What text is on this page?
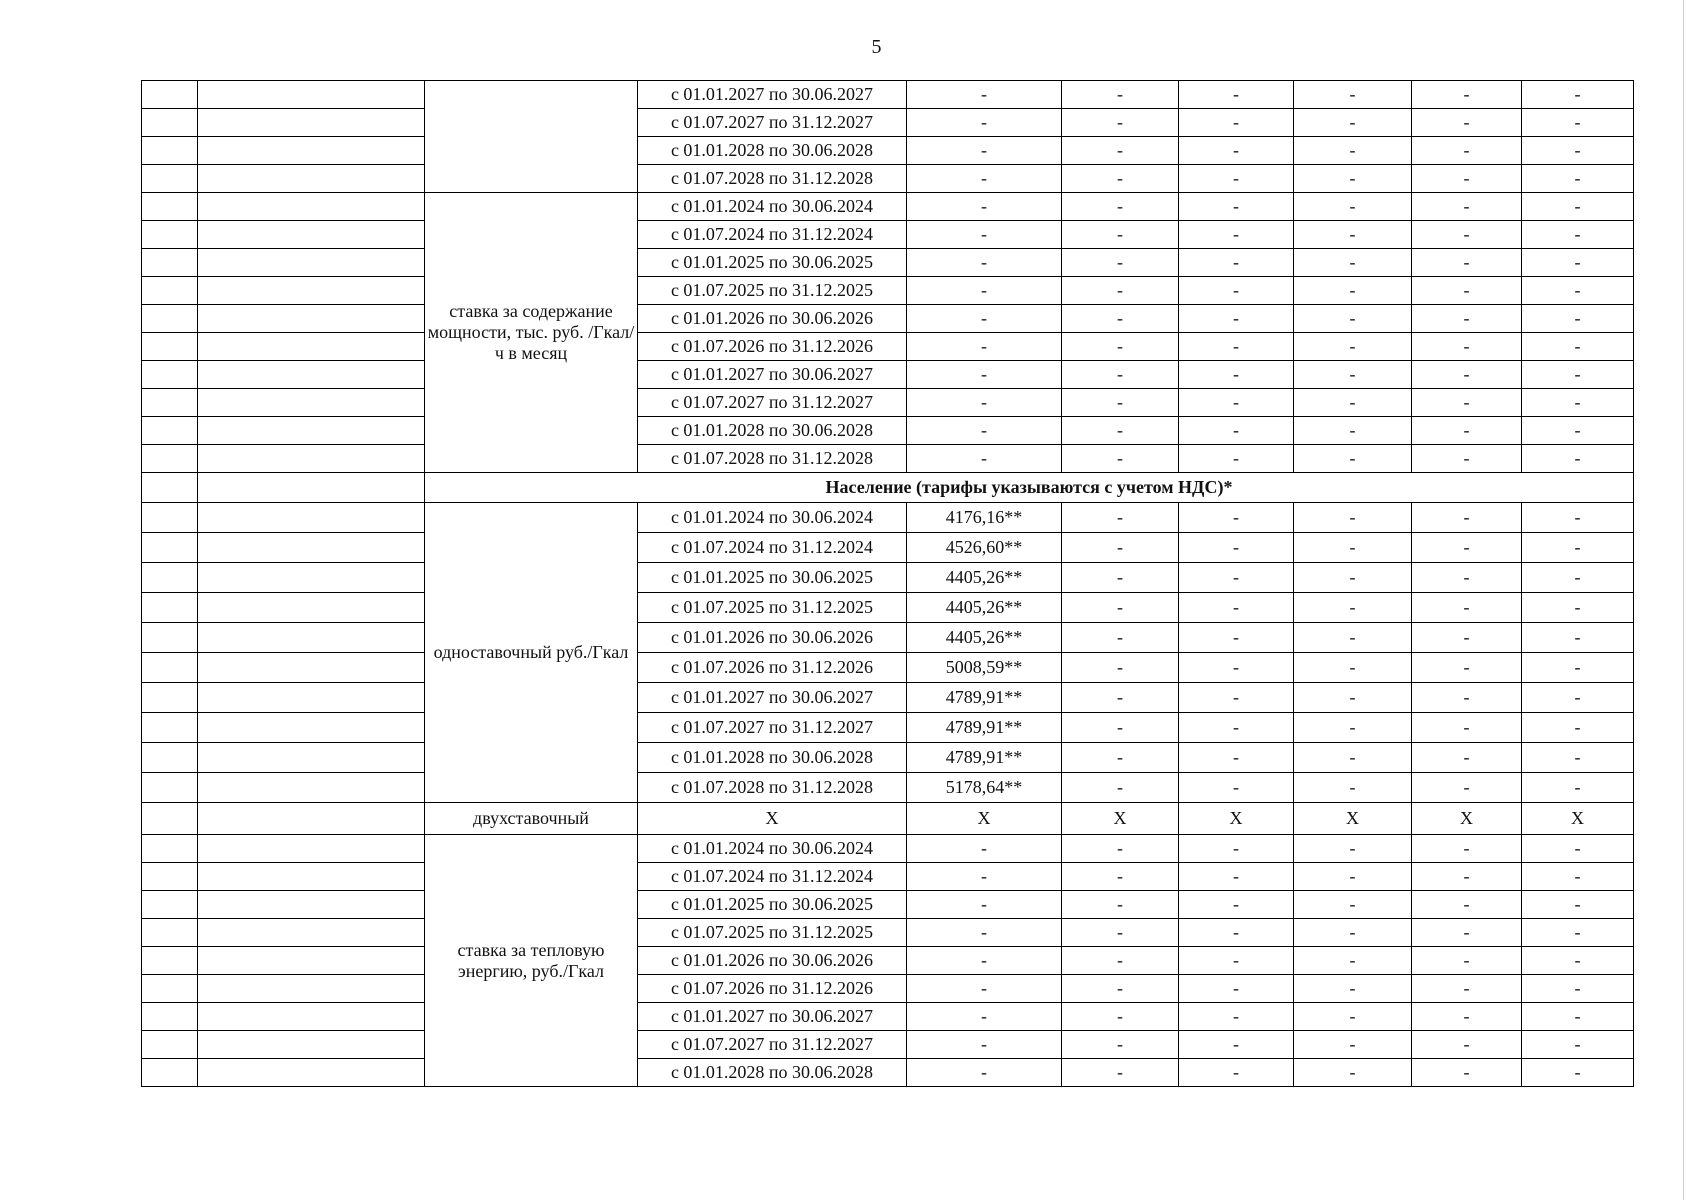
5
			с 01.01.2027 по 30.06.2027	-	-	-	-	-	-
			с 01.07.2027 по 31.12.2027	-	-	-	-	-	-
			с 01.01.2028 по 30.06.2028	-	-	-	-	-	-
			с 01.07.2028 по 31.12.2028	-	-	-	-	-	-
		ставка за содержание мощности, тыс. руб. /Гкал/ч в месяц	с 01.01.2024 по 30.06.2024	-	-	-	-	-	-
			с 01.07.2024 по 31.12.2024	-	-	-	-	-	-
			с 01.01.2025 по 30.06.2025	-	-	-	-	-	-
			с 01.07.2025 по 31.12.2025	-	-	-	-	-	-
			с 01.01.2026 по 30.06.2026	-	-	-	-	-	-
			с 01.07.2026 по 31.12.2026	-	-	-	-	-	-
			с 01.01.2027 по 30.06.2027	-	-	-	-	-	-
			с 01.07.2027 по 31.12.2027	-	-	-	-	-	-
			с 01.01.2028 по 30.06.2028	-	-	-	-	-	-
			с 01.07.2028 по 31.12.2028	-	-	-	-	-	-
		Население (тарифы указываются с учетом НДС)*							
		одноставочный руб./Гкал	с 01.01.2024 по 30.06.2024	4176,16**	-	-	-	-	-
			с 01.07.2024 по 31.12.2024	4526,60**	-	-	-	-	-
			с 01.01.2025 по 30.06.2025	4405,26**	-	-	-	-	-
			с 01.07.2025 по 31.12.2025	4405,26**	-	-	-	-	-
			с 01.01.2026 по 30.06.2026	4405,26**	-	-	-	-	-
			с 01.07.2026 по 31.12.2026	5008,59**	-	-	-	-	-
			с 01.01.2027 по 30.06.2027	4789,91**	-	-	-	-	-
			с 01.07.2027 по 31.12.2027	4789,91**	-	-	-	-	-
			с 01.01.2028 по 30.06.2028	4789,91**	-	-	-	-	-
			с 01.07.2028 по 31.12.2028	5178,64**	-	-	-	-	-
		двухставочный	X	X	X	X	X	X	X
		ставка за тепловую энергию, руб./Гкал	с 01.01.2024 по 30.06.2024	-	-	-	-	-	-
			с 01.07.2024 по 31.12.2024	-	-	-	-	-	-
			с 01.01.2025 по 30.06.2025	-	-	-	-	-	-
			с 01.07.2025 по 31.12.2025	-	-	-	-	-	-
			с 01.01.2026 по 30.06.2026	-	-	-	-	-	-
			с 01.07.2026 по 31.12.2026	-	-	-	-	-	-
			с 01.01.2027 по 30.06.2027	-	-	-	-	-	-
			с 01.07.2027 по 31.12.2027	-	-	-	-	-	-
			с 01.01.2028 по 30.06.2028	-	-	-	-	-	-
